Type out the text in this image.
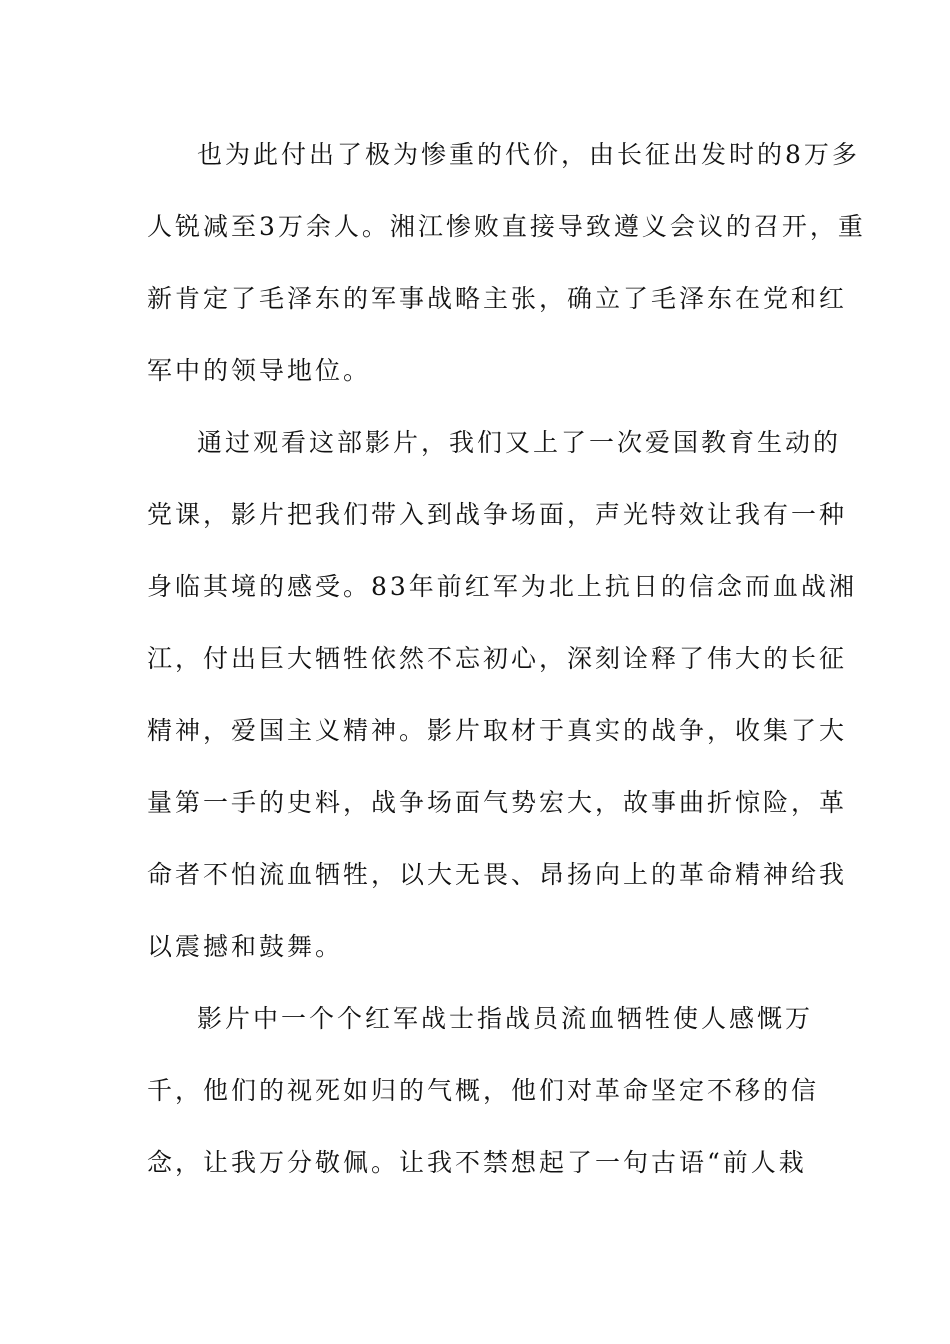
也为此付出了极为惨重的代价，由长征出发时的8万多
人锐减至3万余人。湘江惨败直接导致遵义会议的召开，重
新肯定了毛泽东的军事战略主张，确立了毛泽东在党和红
军中的领导地位。
通过观看这部影片，我们又上了一次爱国教育生动的
党课，影片把我们带入到战争场面，声光特效让我有一种
身临其境的感受。83年前红军为北上抗日的信念而血战湘
江，付出巨大牺牲依然不忘初心，深刻诠释了伟大的长征
精神，爱国主义精神。影片取材于真实的战争，收集了大
量第一手的史料，战争场面气势宏大，故事曲折惊险，革
命者不怕流血牺牲，以大无畏、昂扬向上的革命精神给我
以震撼和鼓舞。
影片中一个个红军战士指战员流血牺牲使人感慨万
千，他们的视死如归的气概，他们对革命坚定不移的信
念，让我万分敬佩。让我不禁想起了一句古语“前人栽
